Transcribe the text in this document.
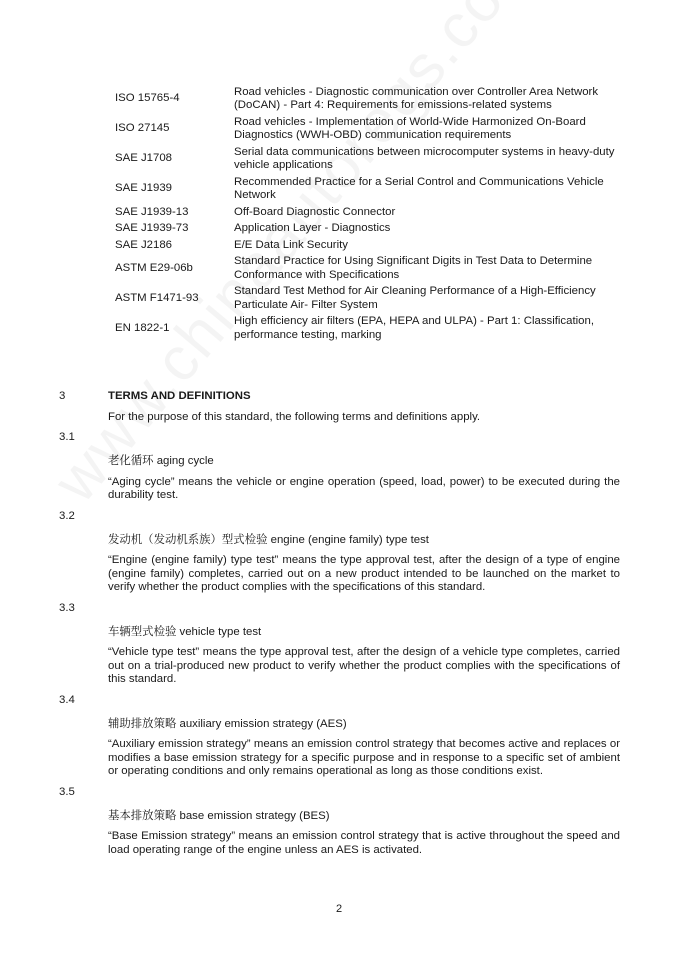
ISO 15765-4	Road vehicles - Diagnostic communication over Controller Area Network (DoCAN) - Part 4: Requirements for emissions-related systems
ISO 27145	Road vehicles - Implementation of World-Wide Harmonized On-Board Diagnostics (WWH-OBD) communication requirements
SAE J1708	Serial data communications between microcomputer systems in heavy-duty vehicle applications
SAE J1939	Recommended Practice for a Serial Control and Communications Vehicle Network
SAE J1939-13	Off-Board Diagnostic Connector
SAE J1939-73	Application Layer - Diagnostics
SAE J2186	E/E Data Link Security
ASTM E29-06b	Standard Practice for Using Significant Digits in Test Data to Determine Conformance with Specifications
ASTM F1471-93	Standard Test Method for Air Cleaning Performance of a High-Efficiency Particulate Air- Filter System
EN 1822-1	High efficiency air filters (EPA, HEPA and ULPA) - Part 1: Classification, performance testing, marking
3	TERMS AND DEFINITIONS
For the purpose of this standard, the following terms and definitions apply.
3.1
老化循环 aging cycle
“Aging cycle” means the vehicle or engine operation (speed, load, power) to be executed during the durability test.
3.2
发动机（发动机系族）型式检验 engine (engine family) type test
“Engine (engine family) type test” means the type approval test, after the design of a type of engine (engine family) completes, carried out on a new product intended to be launched on the market to verify whether the product complies with the specifications of this standard.
3.3
车辆型式检验 vehicle type test
“Vehicle type test” means the type approval test, after the design of a vehicle type completes, carried out on a trial-produced new product to verify whether the product complies with the specifications of this standard.
3.4
辅助排放策略 auxiliary emission strategy (AES)
“Auxiliary emission strategy” means an emission control strategy that becomes active and replaces or modifies a base emission strategy for a specific purpose and in response to a specific set of ambient or operating conditions and only remains operational as long as those conditions exist.
3.5
基本排放策略 base emission strategy (BES)
“Base Emission strategy” means an emission control strategy that is active throughout the speed and load operating range of the engine unless an AES is activated.
2
